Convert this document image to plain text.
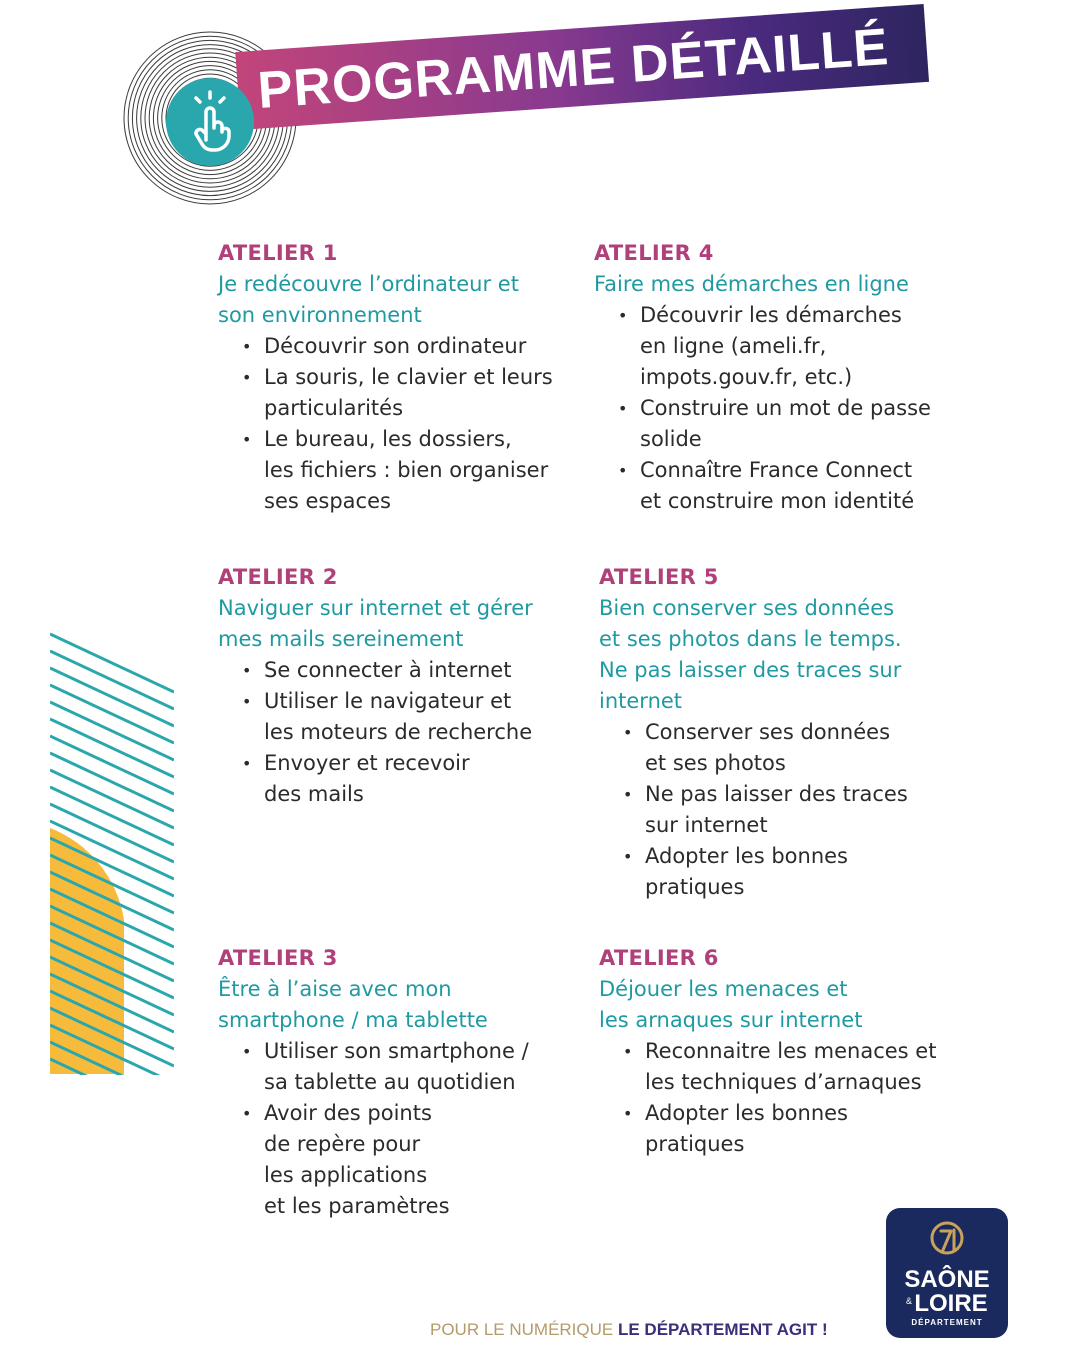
PROGRAMME DÉTAILLÉ
ATELIER 1
Je redécouvre l’ordinateur et
son environnement
• Découvrir son ordinateur
• La souris, le clavier et leurs
particularités
• Le bureau, les dossiers,
les fichiers : bien organiser
ses espaces
ATELIER 2
Naviguer sur internet et gérer
mes mails sereinement
• Se connecter à internet
• Utiliser le navigateur et
les moteurs de recherche
• Envoyer et recevoir
des mails
ATELIER 3
Être à l’aise avec mon
smartphone / ma tablette
• Utiliser son smartphone /
sa tablette au quotidien
• Avoir des points
de repère pour
les applications
et les paramètres
ATELIER 4
Faire mes démarches en ligne
• Découvrir les démarches
en ligne (ameli.fr,
impots.gouv.fr, etc.)
• Construire un mot de passe
solide
• Connaître France Connect
et construire mon identité
ATELIER 5
Bien conserver ses données
et ses photos dans le temps.
Ne pas laisser des traces sur
internet
• Conserver ses données
et ses photos
• Ne pas laisser des traces
sur internet
• Adopter les bonnes
pratiques
ATELIER 6
Déjouer les menaces et
les arnaques sur internet
• Reconnaitre les menaces et
les techniques d’arnaques
• Adopter les bonnes
pratiques
POUR LE NUMÉRIQUE LE DÉPARTEMENT AGIT !
SAÔNE
& LOIRE
DÉPARTEMENT
